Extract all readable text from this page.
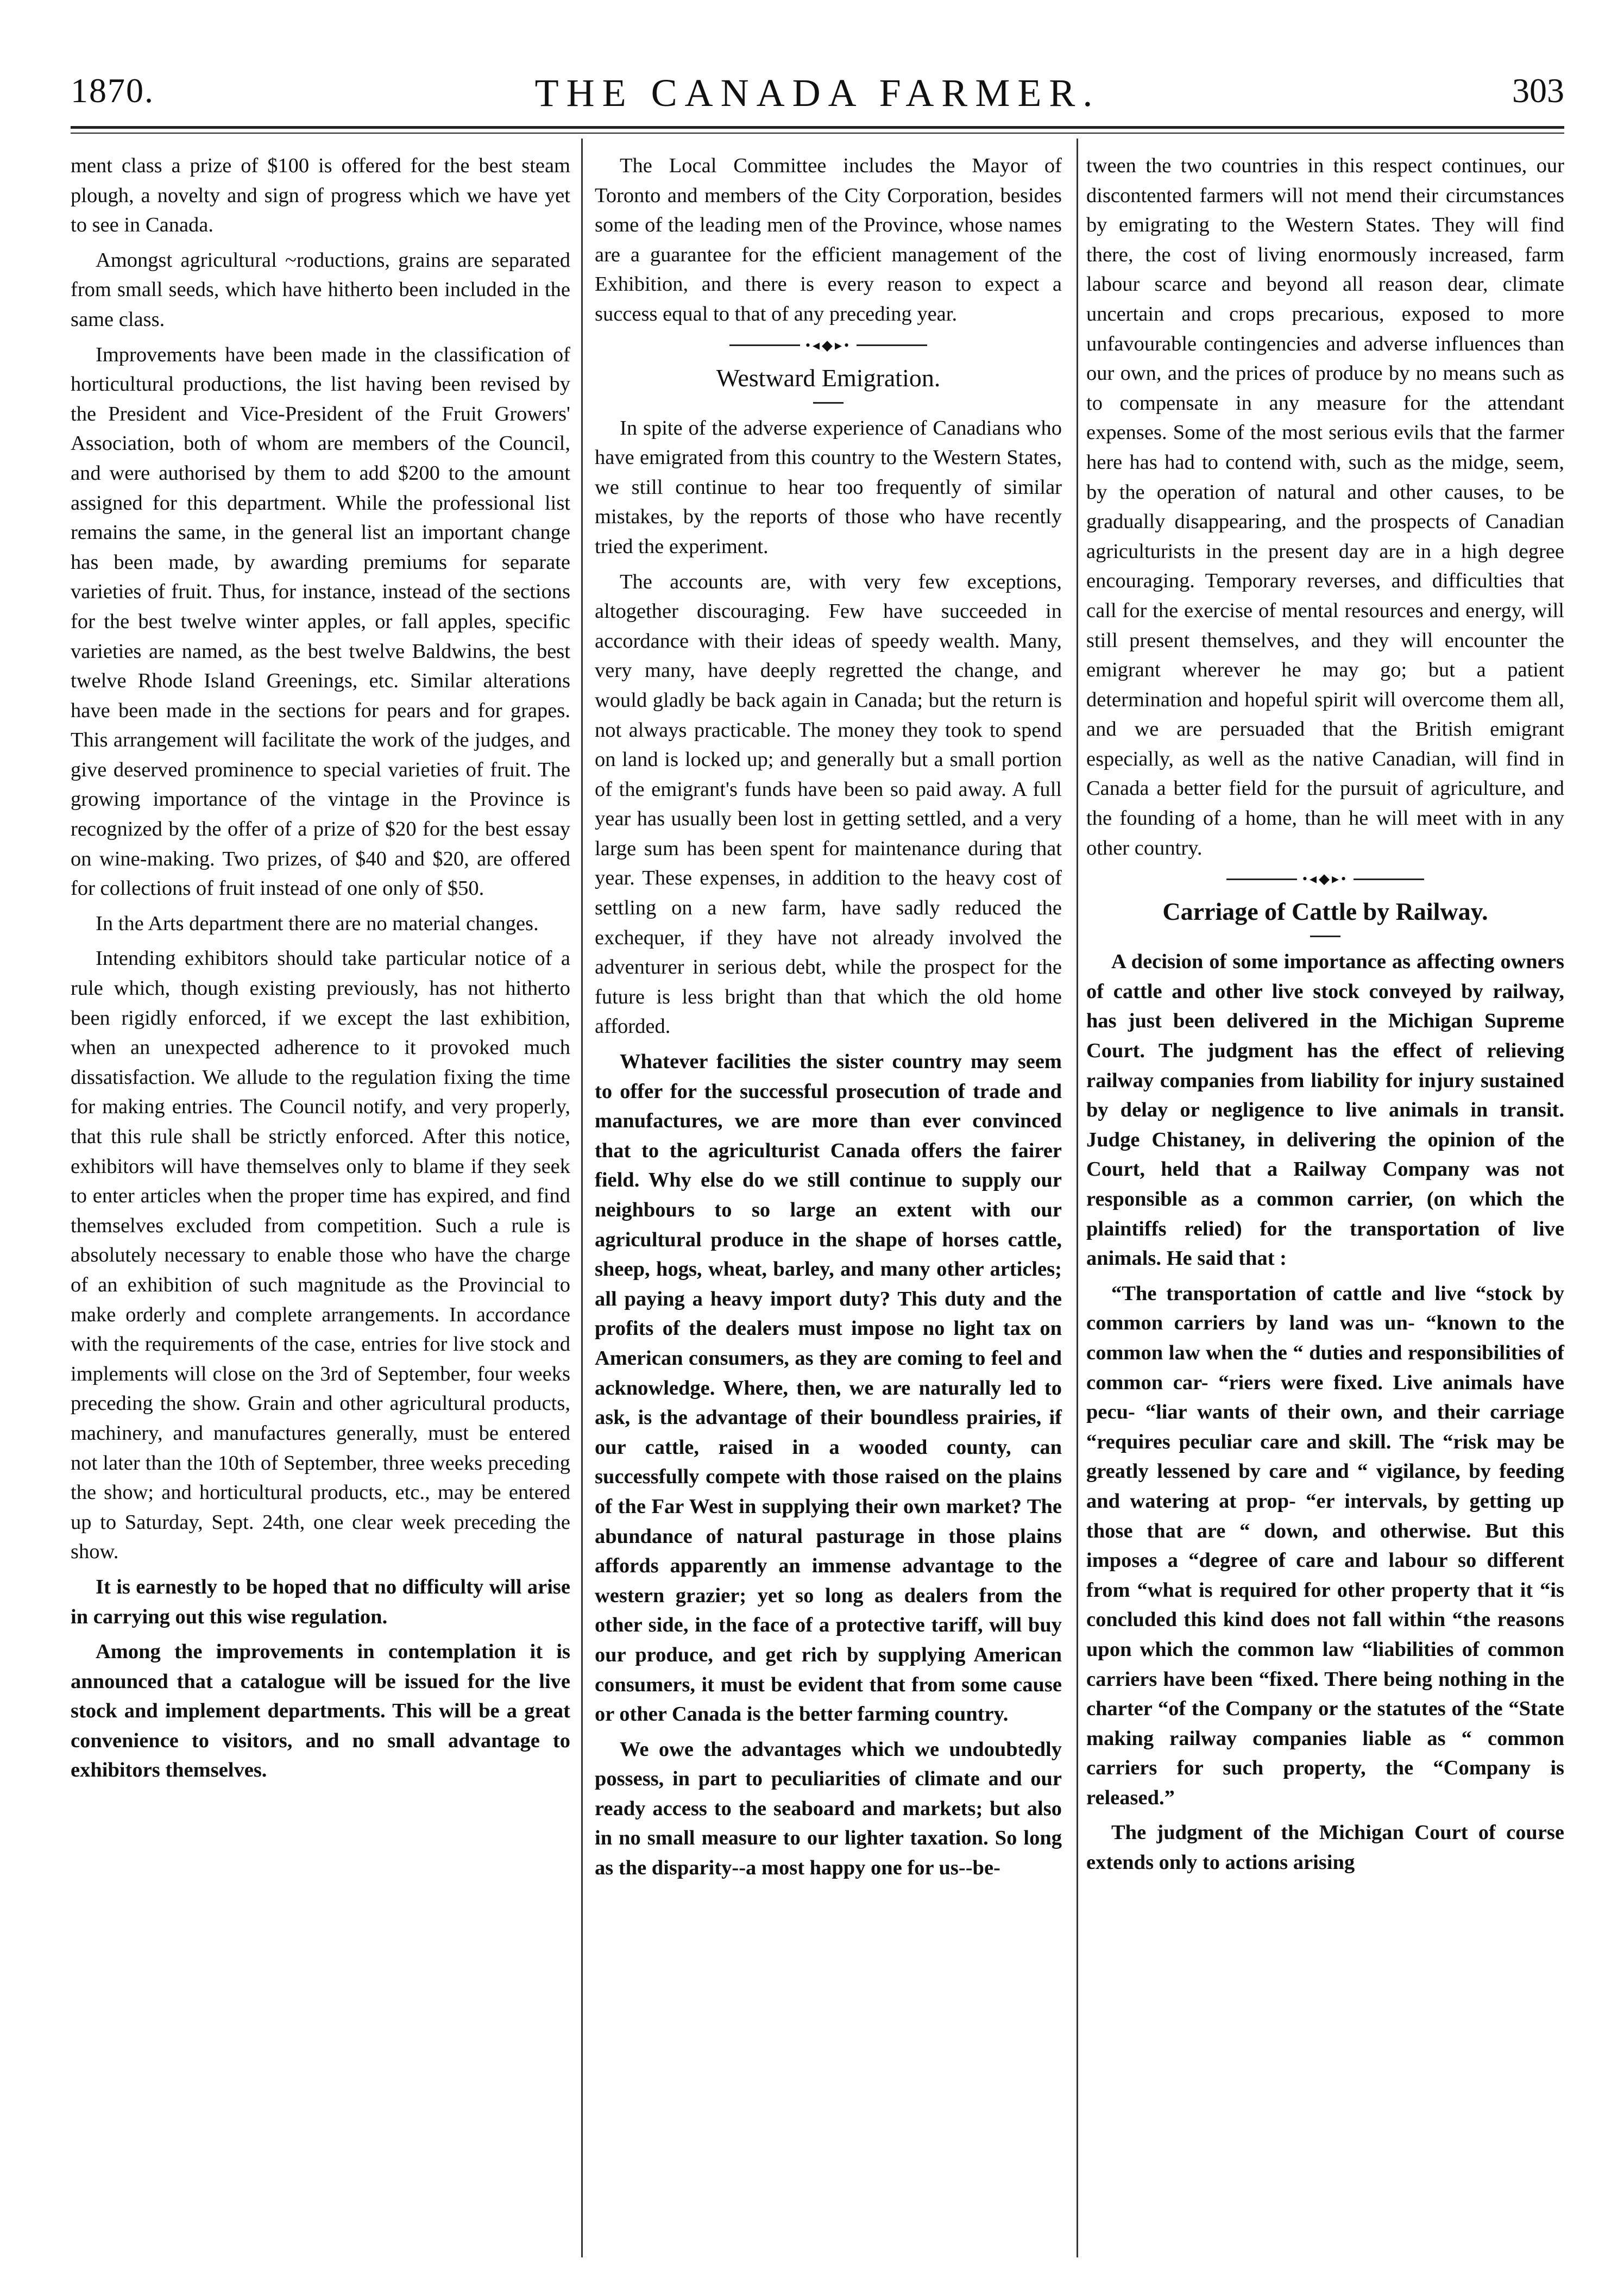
1870.	THE CANADA FARMER.	303

ment class a prize of $100 is offered for the best steam plough, a novelty and sign of progress which we have yet to see in Canada.

Amongst agricultural ~roductions, grains are separated from small seeds, which have hitherto been included in the same class.

Improvements have been made in the classification of horticultural productions, the list having been revised by the President and Vice-President of the Fruit Growers' Association, both of whom are members of the Council, and were authorised by them to add $200 to the amount assigned for this department. While the professional list remains the same, in the general list an important change has been made, by awarding premiums for separate varieties of fruit. Thus, for instance, instead of the sections for the best twelve winter apples, or fall apples, specific varieties are named, as the best twelve Baldwins, the best twelve Rhode Island Greenings, etc. Similar alterations have been made in the sections for pears and for grapes. This arrangement will facilitate the work of the judges, and give deserved prominence to special varieties of fruit. The growing importance of the vintage in the Province is recognized by the offer of a prize of $20 for the best essay on wine-making. Two prizes, of $40 and $20, are offered for collections of fruit instead of one only of $50.

In the Arts department there are no material changes.

Intending exhibitors should take particular notice of a rule which, though existing previously, has not hitherto been rigidly enforced, if we except the last exhibition, when an unexpected adherence to it provoked much dissatisfaction. We allude to the regulation fixing the time for making entries. The Council notify, and very properly, that this rule shall be strictly enforced. After this notice, exhibitors will have themselves only to blame if they seek to enter articles when the proper time has expired, and find themselves excluded from competition. Such a rule is absolutely necessary to enable those who have the charge of an exhibition of such magnitude as the Provincial to make orderly and complete arrangements. In accordance with the requirements of the case, entries for live stock and implements will close on the 3rd of September, four weeks preceding the show. Grain and other agricultural products, machinery, and manufactures generally, must be entered not later than the 10th of September, three weeks preceding the show; and horticultural products, etc., may be entered up to Saturday, Sept. 24th, one clear week preceding the show.

It is earnestly to be hoped that no difficulty will arise in carrying out this wise regulation.

Among the improvements in contemplation it is announced that a catalogue will be issued for the live stock and implement departments. This will be a great convenience to visitors, and no small advantage to exhibitors themselves.

The Local Committee includes the Mayor of Toronto and members of the City Corporation, besides some of the leading men of the Province, whose names are a guarantee for the efficient management of the Exhibition, and there is every reason to expect a success equal to that of any preceding year.

•◂◆▸•
Westward Emigration.

In spite of the adverse experience of Canadians who have emigrated from this country to the Western States, we still continue to hear too frequently of similar mistakes, by the reports of those who have recently tried the experiment.

The accounts are, with very few exceptions, altogether discouraging. Few have succeeded in accordance with their ideas of speedy wealth. Many, very many, have deeply regretted the change, and would gladly be back again in Canada; but the return is not always practicable. The money they took to spend on land is locked up; and generally but a small portion of the emigrant's funds have been so paid away. A full year has usually been lost in getting settled, and a very large sum has been spent for maintenance during that year. These expenses, in addition to the heavy cost of settling on a new farm, have sadly reduced the exchequer, if they have not already involved the adventurer in serious debt, while the prospect for the future is less bright than that which the old home afforded.

Whatever facilities the sister country may seem to offer for the successful prosecution of trade and manufactures, we are more than ever convinced that to the agriculturist Canada offers the fairer field. Why else do we still continue to supply our neighbours to so large an extent with our agricultural produce in the shape of horses cattle, sheep, hogs, wheat, barley, and many other articles; all paying a heavy import duty? This duty and the profits of the dealers must impose no light tax on American consumers, as they are coming to feel and acknowledge. Where, then, we are naturally led to ask, is the advantage of their boundless prairies, if our cattle, raised in a wooded county, can successfully compete with those raised on the plains of the Far West in supplying their own market? The abundance of natural pasturage in those plains affords apparently an immense advantage to the western grazier; yet so long as dealers from the other side, in the face of a protective tariff, will buy our produce, and get rich by supplying American consumers, it must be evident that from some cause or other Canada is the better farming country.

We owe the advantages which we undoubtedly possess, in part to peculiarities of climate and our ready access to the seaboard and markets; but also in no small measure to our lighter taxation. So long as the disparity--a most happy one for us--be-

tween the two countries in this respect continues, our discontented farmers will not mend their circumstances by emigrating to the Western States. They will find there, the cost of living enormously increased, farm labour scarce and beyond all reason dear, climate uncertain and crops precarious, exposed to more unfavourable contingencies and adverse influences than our own, and the prices of produce by no means such as to compensate in any measure for the attendant expenses. Some of the most serious evils that the farmer here has had to contend with, such as the midge, seem, by the operation of natural and other causes, to be gradually disappearing, and the prospects of Canadian agriculturists in the present day are in a high degree encouraging. Temporary reverses, and difficulties that call for the exercise of mental resources and energy, will still present themselves, and they will encounter the emigrant wherever he may go; but a patient determination and hopeful spirit will overcome them all, and we are persuaded that the British emigrant especially, as well as the native Canadian, will find in Canada a better field for the pursuit of agriculture, and the founding of a home, than he will meet with in any other country.

•◂◆▸•
Carriage of Cattle by Railway.

A decision of some importance as affecting owners of cattle and other live stock conveyed by railway, has just been delivered in the Michigan Supreme Court. The judgment has the effect of relieving railway companies from liability for injury sustained by delay or negligence to live animals in transit. Judge Chistaney, in delivering the opinion of the Court, held that a Railway Company was not responsible as a common carrier, (on which the plaintiffs relied) for the transportation of live animals. He said that :

“The transportation of cattle and live “stock by common carriers by land was un- “known to the common law when the “ duties and responsibilities of common car- “riers were fixed. Live animals have pecu- “liar wants of their own, and their carriage “requires peculiar care and skill. The “risk may be greatly lessened by care and “ vigilance, by feeding and watering at prop- “er intervals, by getting up those that are “ down, and otherwise. But this imposes a “degree of care and labour so different from “what is required for other property that it “is concluded this kind does not fall within “the reasons upon which the common law “liabilities of common carriers have been “fixed. There being nothing in the charter “of the Company or the statutes of the “State making railway companies liable as “ common carriers for such property, the “Company is released.”

The judgment of the Michigan Court of course extends only to actions arising
